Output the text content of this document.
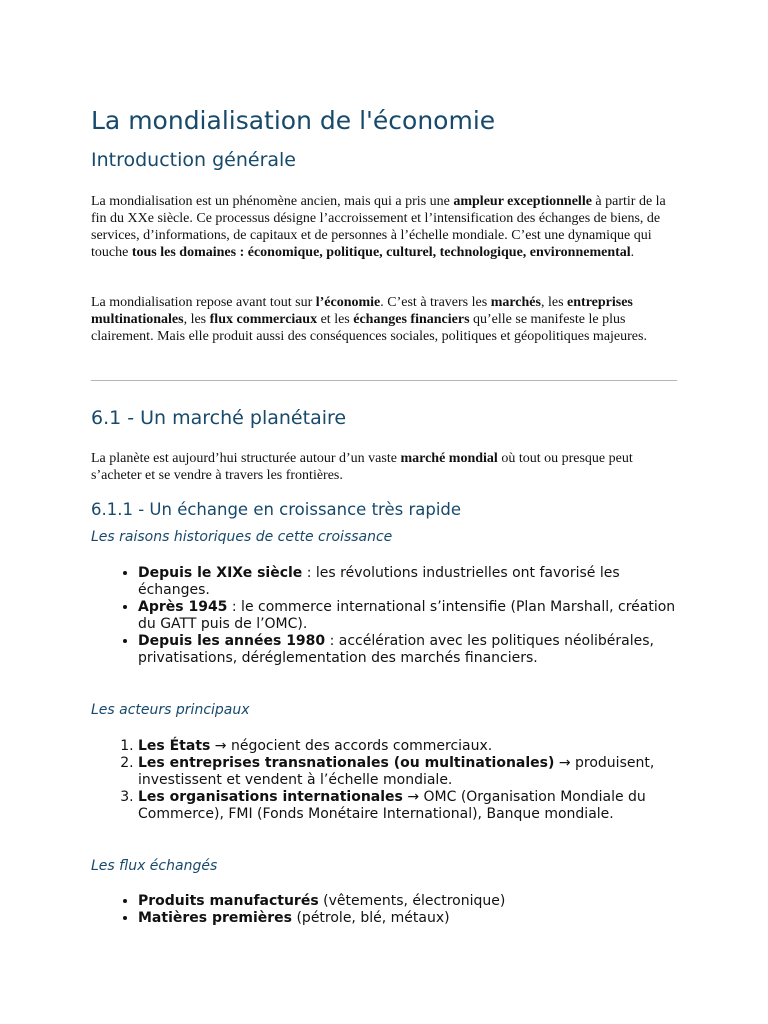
La mondialisation de l'économie
Introduction générale

La mondialisation est un phénomène ancien, mais qui a pris une ampleur exceptionnelle à partir de la fin du XXe siècle. Ce processus désigne l’accroissement et l’intensification des échanges de biens, de services, d’informations, de capitaux et de personnes à l’échelle mondiale. C’est une dynamique qui touche tous les domaines : économique, politique, culturel, technologique, environnemental.

La mondialisation repose avant tout sur l’économie. C’est à travers les marchés, les entreprises multinationales, les flux commerciaux et les échanges financiers qu’elle se manifeste le plus clairement. Mais elle produit aussi des conséquences sociales, politiques et géopolitiques majeures.

6.1 - Un marché planétaire

La planète est aujourd’hui structurée autour d’un vaste marché mondial où tout ou presque peut s’acheter et se vendre à travers les frontières.

6.1.1 - Un échange en croissance très rapide
Les raisons historiques de cette croissance
• Depuis le XIXe siècle : les révolutions industrielles ont favorisé les échanges.
• Après 1945 : le commerce international s’intensifie (Plan Marshall, création du GATT puis de l’OMC).
• Depuis les années 1980 : accélération avec les politiques néolibérales, privatisations, déréglementation des marchés financiers.
Les acteurs principaux
1. Les États → négocient des accords commerciaux.
2. Les entreprises transnationales (ou multinationales) → produisent, investissent et vendent à l’échelle mondiale.
3. Les organisations internationales → OMC (Organisation Mondiale du Commerce), FMI (Fonds Monétaire International), Banque mondiale.
Les flux échangés
• Produits manufacturés (vêtements, électronique)
• Matières premières (pétrole, blé, métaux)
